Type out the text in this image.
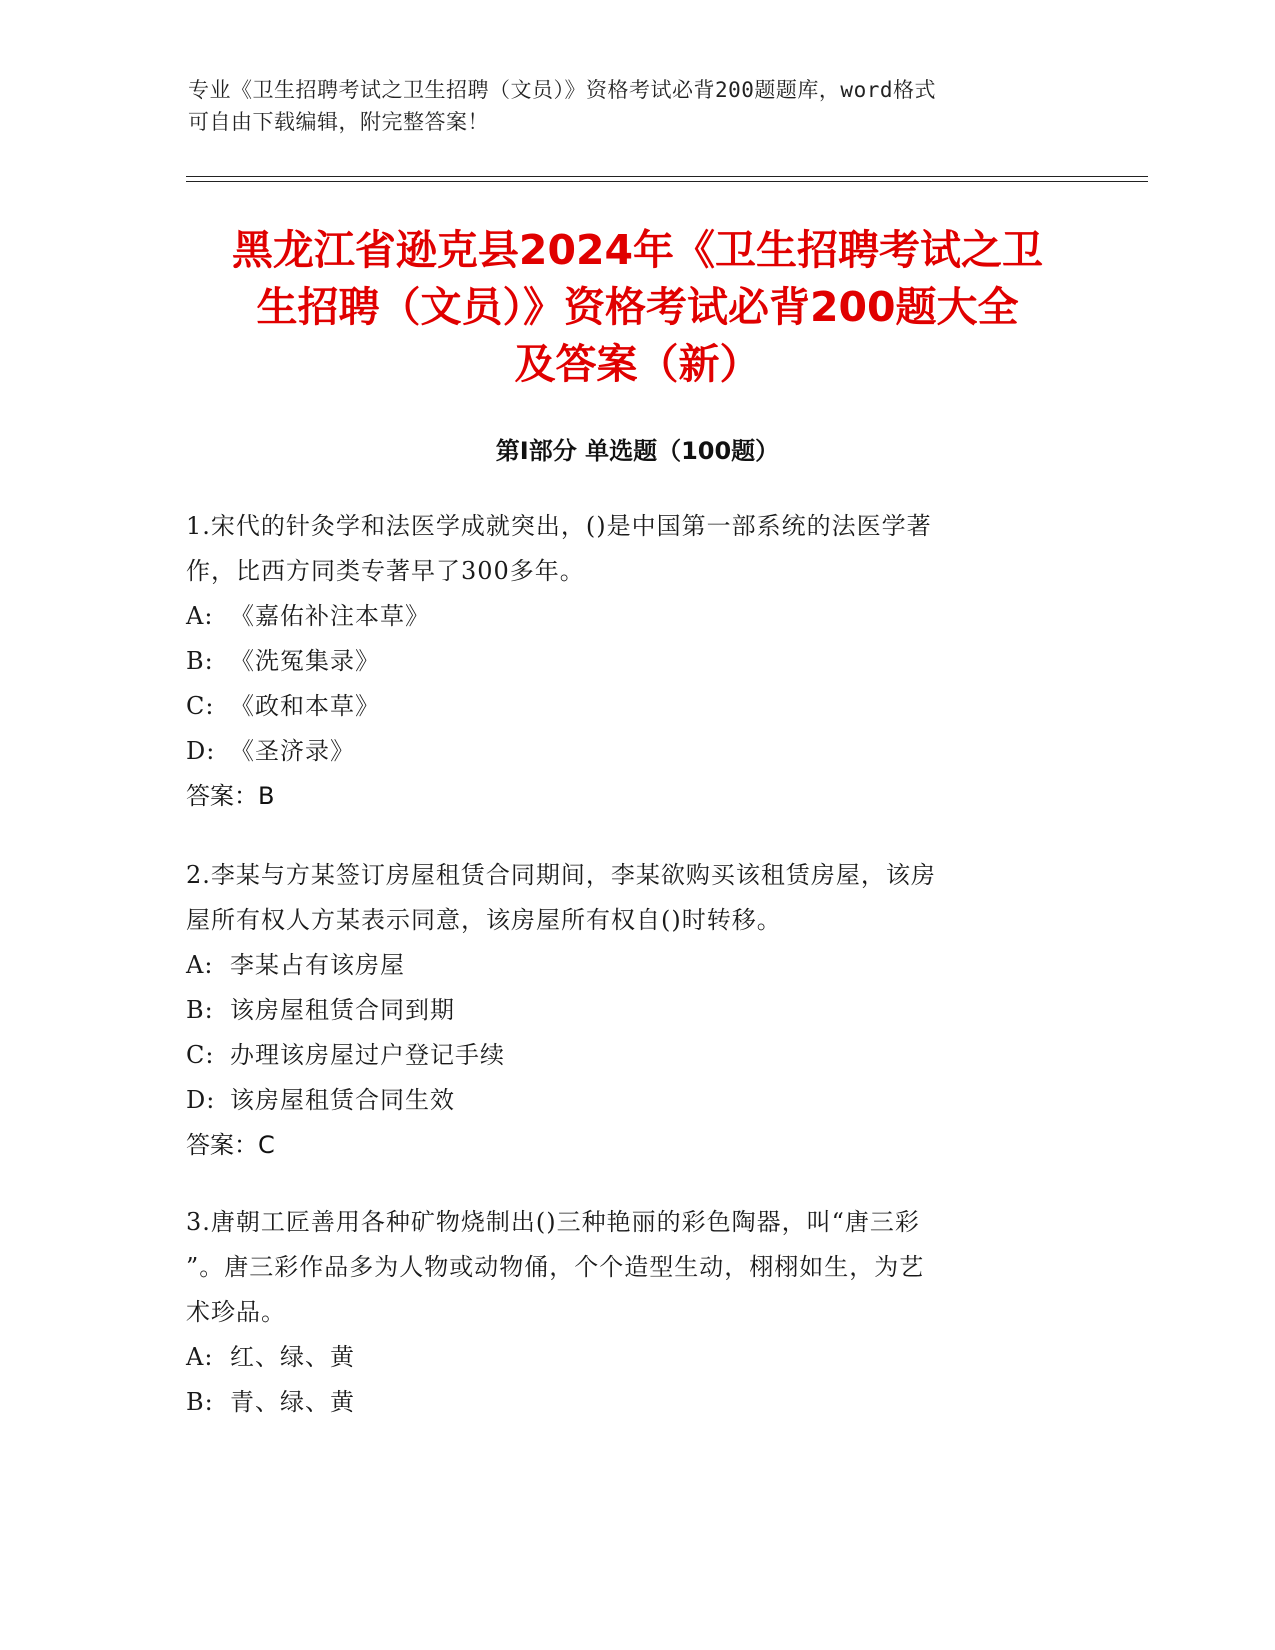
专业《卫生招聘考试之卫生招聘（文员）》资格考试必背200题题库，word格式
可自由下载编辑，附完整答案！
黑龙江省逊克县2024年《卫生招聘考试之卫
生招聘（文员）》资格考试必背200题大全
及答案（新）
第Ⅰ部分 单选题（100题）
1.宋代的针灸学和法医学成就突出，()是中国第一部系统的法医学著
作，比西方同类专著早了300多年。
A: 《嘉佑补注本草》
B: 《洗冤集录》
C: 《政和本草》
D: 《圣济录》
答案：B
2.李某与方某签订房屋租赁合同期间，李某欲购买该租赁房屋，该房
屋所有权人方某表示同意，该房屋所有权自()时转移。
A: 李某占有该房屋
B: 该房屋租赁合同到期
C: 办理该房屋过户登记手续
D: 该房屋租赁合同生效
答案：C
3.唐朝工匠善用各种矿物烧制出()三种艳丽的彩色陶器，叫“唐三彩
”。唐三彩作品多为人物或动物俑，个个造型生动，栩栩如生，为艺
术珍品。
A: 红、绿、黄
B: 青、绿、黄
